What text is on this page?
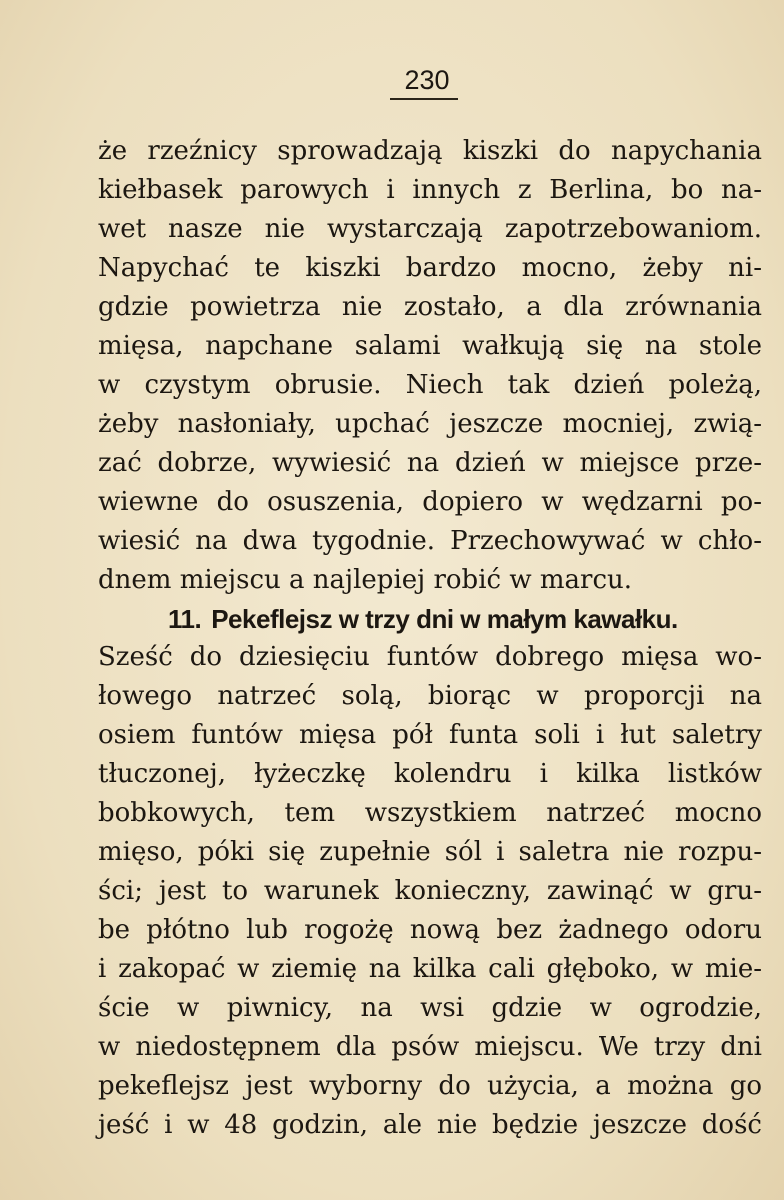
230
że rzeźnicy sprowadzają kiszki do napychania
kiełbasek parowych i innych z Berlina, bo na-
wet nasze nie wystarczają zapotrzebowaniom.
Napychać te kiszki bardzo mocno, żeby ni-
gdzie powietrza nie zostało, a dla zrównania
mięsa, napchane salami wałkują się na stole
w czystym obrusie. Niech tak dzień poleżą,
żeby nasłoniały, upchać jeszcze mocniej, zwią-
zać dobrze, wywiesić na dzień w miejsce prze-
wiewne do osuszenia, dopiero w wędzarni po-
wiesić na dwa tygodnie. Przechowywać w chło-
dnem miejscu a najlepiej robić w marcu.
11. Pekeflejsz w trzy dni w małym kawałku.
Sześć do dziesięciu funtów dobrego mięsa wo-
łowego natrzeć solą, biorąc w proporcji na
osiem funtów mięsa pół funta soli i łut saletry
tłuczonej, łyżeczkę kolendru i kilka listków
bobkowych, tem wszystkiem natrzeć mocno
mięso, póki się zupełnie sól i saletra nie rozpu-
ści; jest to warunek konieczny, zawinąć w gru-
be płótno lub rogożę nową bez żadnego odoru
i zakopać w ziemię na kilka cali głęboko, w mie-
ście w piwnicy, na wsi gdzie w ogrodzie,
w niedostępnem dla psów miejscu. We trzy dni
pekeflejsz jest wyborny do użycia, a można go
jeść i w 48 godzin, ale nie będzie jeszcze dość
